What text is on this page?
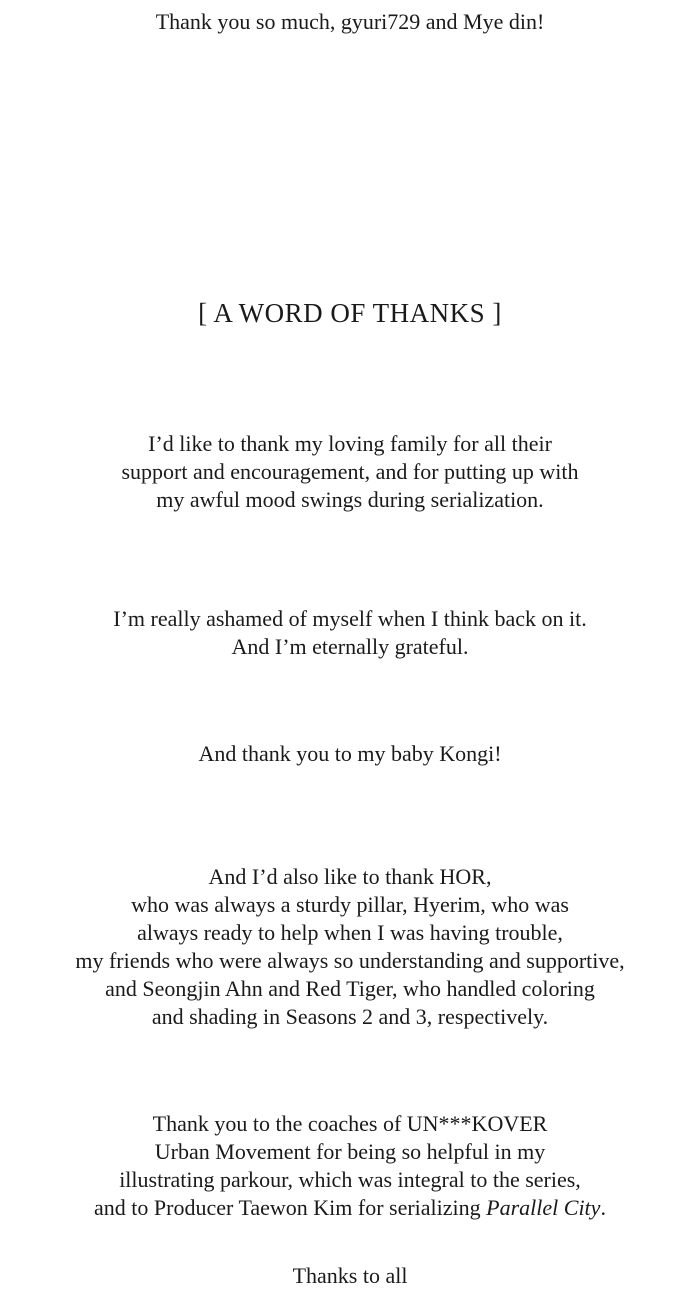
Thank you so much, gyuri729 and Mye din!
[ A WORD OF THANKS ]
I’d like to thank my loving family for all their
support and encouragement, and for putting up with
my awful mood swings during serialization.
I’m really ashamed of myself when I think back on it.
And I’m eternally grateful.
And thank you to my baby Kongi!
And I’d also like to thank HOR,
who was always a sturdy pillar, Hyerim, who was
always ready to help when I was having trouble,
my friends who were always so understanding and supportive,
and Seongjin Ahn and Red Tiger, who handled coloring
and shading in Seasons 2 and 3, respectively.
Thank you to the coaches of UN***KOVER
Urban Movement for being so helpful in my
illustrating parkour, which was integral to the series,
and to Producer Taewon Kim for serializing Parallel City.
Thanks to all
